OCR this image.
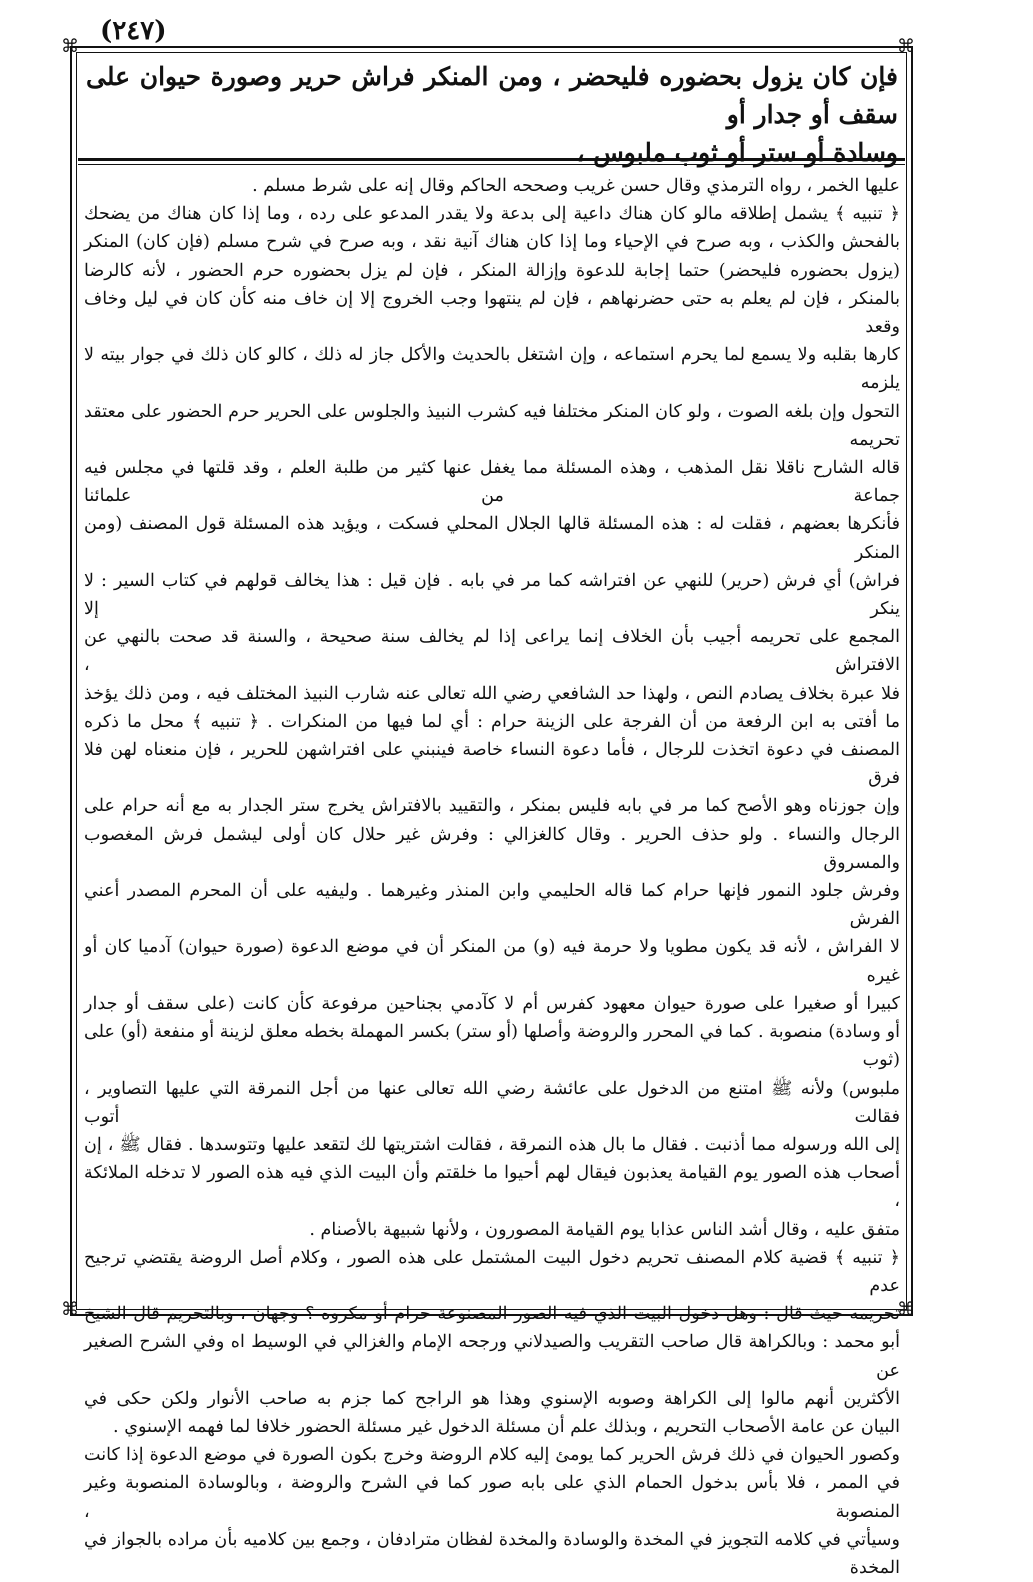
(٢٤٧)
⌘	⌘
⌘	⌘

فإن كان يزول بحضوره فليحضر ، ومن المنكر فراش حرير وصورة حيوان على سقف أو جدار أو

وسادة أو ستر أو ثوب ملبوس ،

عليها الخمر ، رواه الترمذي وقال حسن غريب وصححه الحاكم وقال إنه على شرط مسلم .

﴿ تنبيه ﴾ يشمل إطلاقه مالو كان هناك داعية إلى بدعة ولا يقدر المدعو على رده ، وما إذا كان هناك من يضحك

بالفحش والكذب ، وبه صرح في الإحياء وما إذا كان هناك آنية نقد ، وبه صرح في شرح مسلم (فإن كان) المنكر

(يزول بحضوره فليحضر) حتما إجابة للدعوة وإزالة المنكر ، فإن لم يزل بحضوره حرم الحضور ، لأنه كالرضا

بالمنكر ، فإن لم يعلم به حتى حضرنهاهم ، فإن لم ينتهوا وجب الخروج إلا إن خاف منه كأن كان في ليل وخاف وقعد

كارها بقلبه ولا يسمع لما يحرم استماعه ، وإن اشتغل بالحديث والأكل جاز له ذلك ، كالو كان ذلك في جوار بيته لا يلزمه

التحول وإن بلغه الصوت ، ولو كان المنكر مختلفا فيه كشرب النبيذ والجلوس على الحرير حرم الحضور على معتقد تحريمه

قاله الشارح ناقلا نقل المذهب ، وهذه المسئلة مما يغفل عنها كثير من طلبة العلم ، وقد قلتها في مجلس فيه جماعة من علمائنا

فأنكرها بعضهم ، فقلت له : هذه المسئلة قالها الجلال المحلي فسكت ، ويؤيد هذه المسئلة قول المصنف (ومن المنكر

فراش) أي فرش (حرير) للنهي عن افتراشه كما مر في بابه . فإن قيل : هذا يخالف قولهم في كتاب السير : لا ينكر إلا

المجمع على تحريمه أجيب بأن الخلاف إنما يراعى إذا لم يخالف سنة صحيحة ، والسنة قد صحت بالنهي عن الافتراش ،

فلا عبرة بخلاف يصادم النص ، ولهذا حد الشافعي رضي الله تعالى عنه شارب النبيذ المختلف فيه ، ومن ذلك يؤخذ

ما أفتى به ابن الرفعة من أن الفرجة على الزينة حرام : أي لما فيها من المنكرات . ﴿ تنبيه ﴾ محل ما ذكره

المصنف في دعوة اتخذت للرجال ، فأما دعوة النساء خاصة فينبني على افتراشهن للحرير ، فإن منعناه لهن فلا فرق

وإن جوزناه وهو الأصح كما مر في بابه فليس بمنكر ، والتقييد بالافتراش يخرج ستر الجدار به مع أنه حرام على

الرجال والنساء . ولو حذف الحرير . وقال كالغزالي : وفرش غير حلال كان أولى ليشمل فرش المغصوب والمسروق

وفرش جلود النمور فإنها حرام كما قاله الحليمي وابن المنذر وغيرهما . وليفيه على أن المحرم المصدر أعني الفرش

لا الفراش ، لأنه قد يكون مطويا ولا حرمة فيه (و) من المنكر أن في موضع الدعوة (صورة حيوان) آدميا كان أو غيره

كبيرا أو صغيرا على صورة حيوان معهود كفرس أم لا كآدمي بجناحين مرفوعة كأن كانت (على سقف أو جدار

أو وسادة) منصوبة . كما في المحرر والروضة وأصلها (أو ستر) بكسر المهملة بخطه معلق لزينة أو منفعة (أو) على (ثوب

ملبوس) ولأنه ﷺ امتنع من الدخول على عائشة رضي الله تعالى عنها من أجل النمرقة التي عليها التصاوير ، فقالت أتوب

إلى الله ورسوله مما أذنبت . فقال ما بال هذه النمرقة ، فقالت اشتريتها لك لتقعد عليها وتتوسدها . فقال ﷺ ، إن

أصحاب هذه الصور يوم القيامة يعذبون فيقال لهم أحيوا ما خلقتم وأن البيت الذي فيه هذه الصور لا تدخله الملائكة ،

متفق عليه ، وقال أشد الناس عذابا يوم القيامة المصورون ، ولأنها شبيهة بالأصنام .

﴿ تنبيه ﴾ قضية كلام المصنف تحريم دخول البيت المشتمل على هذه الصور ، وكلام أصل الروضة يقتضي ترجيح عدم

تحريمه حيث قال : وهل دخول البيت الذي فيه الصور المصنوعة حرام أو مكروه ؟ وجهان ، وبالتحريم قال الشيخ

أبو محمد : وبالكراهة قال صاحب التقريب والصيدلاني ورجحه الإمام والغزالي في الوسيط اه وفي الشرح الصغير عن

الأكثرين أنهم مالوا إلى الكراهة وصوبه الإسنوي وهذا هو الراجح كما جزم به صاحب الأنوار ولكن حكى في

البيان عن عامة الأصحاب التحريم ، وبذلك علم أن مسئلة الدخول غير مسئلة الحضور خلافا لما فهمه الإسنوي .

وكصور الحيوان في ذلك فرش الحرير كما يومئ إليه كلام الروضة وخرج بكون الصورة في موضع الدعوة إذا كانت

في الممر ، فلا بأس بدخول الحمام الذي على بابه صور كما في الشرح والروضة ، وبالوسادة المنصوبة وغير المنصوبة ،

وسيأتي في كلامه التجويز في المخدة والوسادة والمخدة لفظان مترادفان ، وجمع بين كلاميه بأن مراده بالجواز في المخدة
